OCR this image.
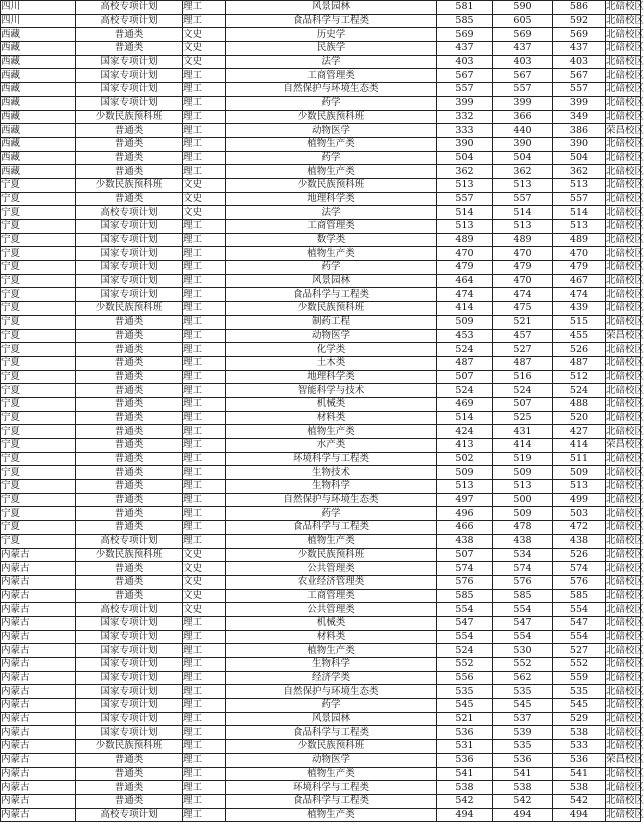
四川	高校专项计划	理工	风景园林	581	590	586	北碚校区
四川	高校专项计划	理工	食品科学与工程类	585	605	592	北碚校区
西藏	普通类	文史	历史学	569	569	569	北碚校区
西藏	普通类	文史	民族学	437	437	437	北碚校区
西藏	国家专项计划	文史	法学	403	403	403	北碚校区
西藏	国家专项计划	理工	工商管理类	567	567	567	北碚校区
西藏	国家专项计划	理工	自然保护与环境生态类	557	557	557	北碚校区
西藏	国家专项计划	理工	药学	399	399	399	北碚校区
西藏	少数民族预科班	理工	少数民族预科班	332	366	349	北碚校区
西藏	普通类	理工	动物医学	333	440	386	荣昌校区
西藏	普通类	理工	植物生产类	390	390	390	北碚校区
西藏	普通类	理工	药学	504	504	504	北碚校区
西藏	普通类	理工	植物生产类	362	362	362	北碚校区
宁夏	少数民族预科班	文史	少数民族预科班	513	513	513	北碚校区
宁夏	普通类	文史	地理科学类	557	557	557	北碚校区
宁夏	高校专项计划	文史	法学	514	514	514	北碚校区
宁夏	国家专项计划	理工	工商管理类	513	513	513	北碚校区
宁夏	国家专项计划	理工	数学类	489	489	489	北碚校区
宁夏	国家专项计划	理工	植物生产类	470	470	470	北碚校区
宁夏	国家专项计划	理工	药学	479	479	479	北碚校区
宁夏	国家专项计划	理工	风景园林	464	470	467	北碚校区
宁夏	国家专项计划	理工	食品科学与工程类	474	474	474	北碚校区
宁夏	少数民族预科班	理工	少数民族预科班	414	475	439	北碚校区
宁夏	普通类	理工	制药工程	509	521	515	北碚校区
宁夏	普通类	理工	动物医学	453	457	455	荣昌校区
宁夏	普通类	理工	化学类	524	527	526	北碚校区
宁夏	普通类	理工	土木类	487	487	487	北碚校区
宁夏	普通类	理工	地理科学类	507	516	512	北碚校区
宁夏	普通类	理工	智能科学与技术	524	524	524	北碚校区
宁夏	普通类	理工	机械类	469	507	488	北碚校区
宁夏	普通类	理工	材料类	514	525	520	北碚校区
宁夏	普通类	理工	植物生产类	424	431	427	北碚校区
宁夏	普通类	理工	水产类	413	414	414	荣昌校区
宁夏	普通类	理工	环境科学与工程类	502	519	511	北碚校区
宁夏	普通类	理工	生物技术	509	509	509	北碚校区
宁夏	普通类	理工	生物科学	513	513	513	北碚校区
宁夏	普通类	理工	自然保护与环境生态类	497	500	499	北碚校区
宁夏	普通类	理工	药学	496	509	503	北碚校区
宁夏	普通类	理工	食品科学与工程类	466	478	472	北碚校区
宁夏	高校专项计划	理工	植物生产类	438	438	438	北碚校区
内蒙古	少数民族预科班	文史	少数民族预科班	507	534	526	北碚校区
内蒙古	普通类	文史	公共管理类	574	574	574	北碚校区
内蒙古	普通类	文史	农业经济管理类	576	576	576	北碚校区
内蒙古	普通类	文史	工商管理类	585	585	585	北碚校区
内蒙古	高校专项计划	文史	公共管理类	554	554	554	北碚校区
内蒙古	国家专项计划	理工	机械类	547	547	547	北碚校区
内蒙古	国家专项计划	理工	材料类	554	554	554	北碚校区
内蒙古	国家专项计划	理工	植物生产类	524	530	527	北碚校区
内蒙古	国家专项计划	理工	生物科学	552	552	552	北碚校区
内蒙古	国家专项计划	理工	经济学类	556	562	559	北碚校区
内蒙古	国家专项计划	理工	自然保护与环境生态类	535	535	535	北碚校区
内蒙古	国家专项计划	理工	药学	545	545	545	北碚校区
内蒙古	国家专项计划	理工	风景园林	521	537	529	北碚校区
内蒙古	国家专项计划	理工	食品科学与工程类	536	539	538	北碚校区
内蒙古	少数民族预科班	理工	少数民族预科班	531	535	533	北碚校区
内蒙古	普通类	理工	动物医学	536	536	536	荣昌校区
内蒙古	普通类	理工	植物生产类	541	541	541	北碚校区
内蒙古	普通类	理工	环境科学与工程类	538	538	538	北碚校区
内蒙古	普通类	理工	食品科学与工程类	542	542	542	北碚校区
内蒙古	高校专项计划	理工	植物生产类	494	494	494	北碚校区
